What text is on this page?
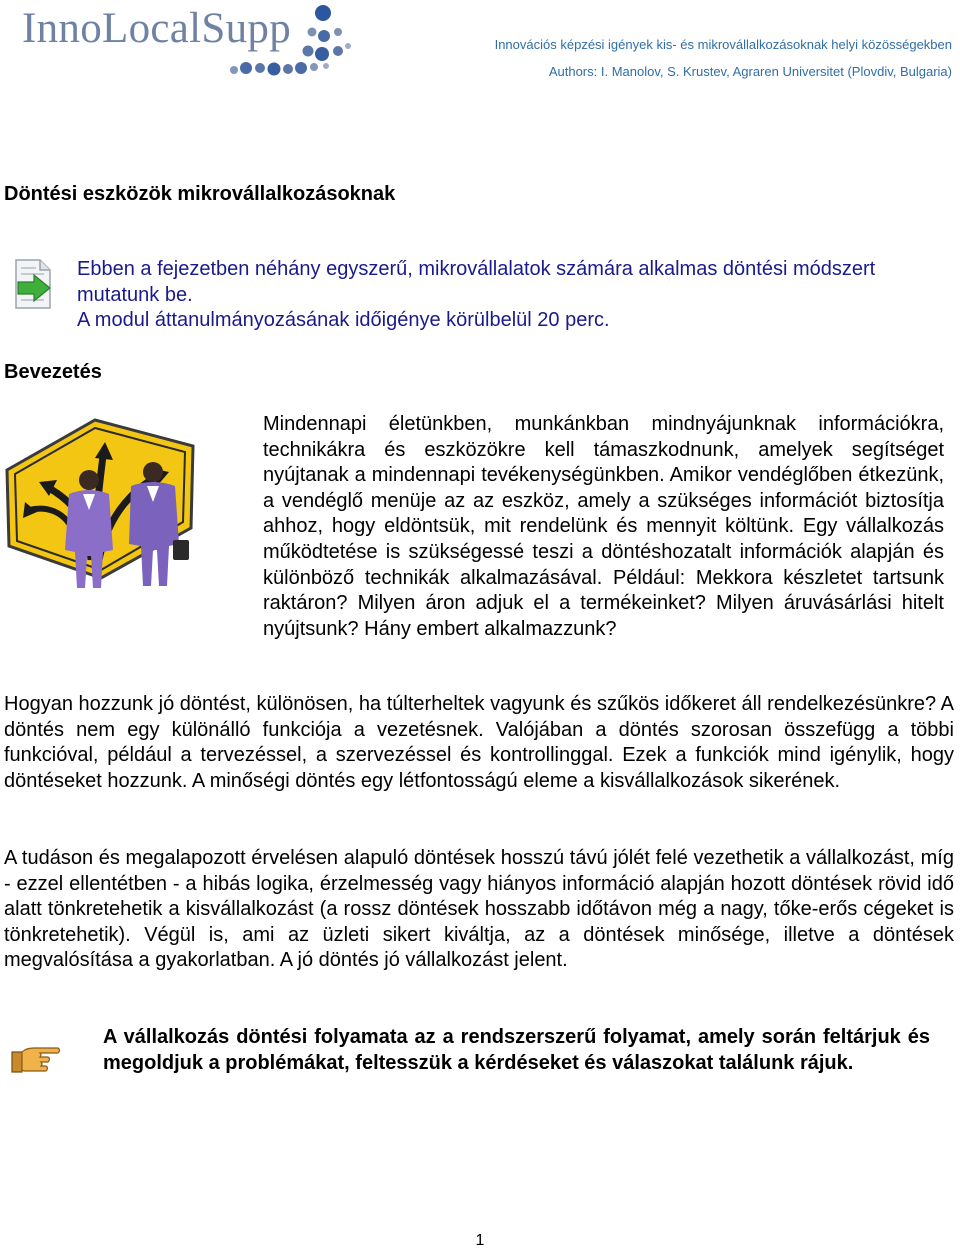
InnoLocalSupp	Innovációs képzési igények kis- és mikrovállalkozásoknak helyi közösségekben
Authors: I. Manolov, S. Krustev, Agraren Universitet (Plovdiv, Bulgaria)
Döntési eszközök mikrovállalkozásoknak

Ebben a fejezetben néhány egyszerű, mikrovállalatok számára alkalmas döntési módszert mutatunk be.

A modul áttanulmányozásának időigénye körülbelül 20 perc.

Bevezetés

Mindennapi életünkben, munkánkban mindnyájunknak információkra, technikákra és eszközökre kell támaszkodnunk, amelyek segítséget nyújtanak a mindennapi tevékenységünkben. Amikor vendéglőben étkezünk, a vendéglő menüje az az eszköz, amely a szükséges információt biztosítja ahhoz, hogy eldöntsük, mit rendelünk és mennyit költünk. Egy vállalkozás működtetése is szükségessé teszi a döntéshozatalt információk alapján és különböző technikák alkalmazásával. Például: Mekkora készletet tartsunk raktáron? Milyen áron adjuk el a termékeinket? Milyen áruvásárlási hitelt nyújtsunk? Hány embert alkalmazzunk?

Hogyan hozzunk jó döntést, különösen, ha túlterheltek vagyunk és szűkös időkeret áll rendelkezésünkre? A döntés nem egy különálló funkciója a vezetésnek. Valójában a döntés szorosan összefügg a többi funkcióval, például a tervezéssel, a szervezéssel és kontrollinggal. Ezek a funkciók mind igénylik, hogy döntéseket hozzunk. A minőségi döntés egy létfontosságú eleme a kisvállalkozások sikerének.

A tudáson és megalapozott érvelésen alapuló döntések hosszú távú jólét felé vezethetik a vállalkozást, míg - ezzel ellentétben - a hibás logika, érzelmesség vagy hiányos információ alapján hozott döntések rövid idő alatt tönkretehetik a kisvállalkozást (a rossz döntések hosszabb időtávon még a nagy, tőke-erős cégeket is tönkretehetik). Végül is, ami az üzleti sikert kiváltja, az a döntések minősége, illetve a döntések megvalósítása a gyakorlatban. A jó döntés jó vállalkozást jelent.

A vállalkozás döntési folyamata az a rendszerszerű folyamat, amely során feltárjuk és megoldjuk a problémákat, feltesszük a kérdéseket és válaszokat találunk rájuk.

1
